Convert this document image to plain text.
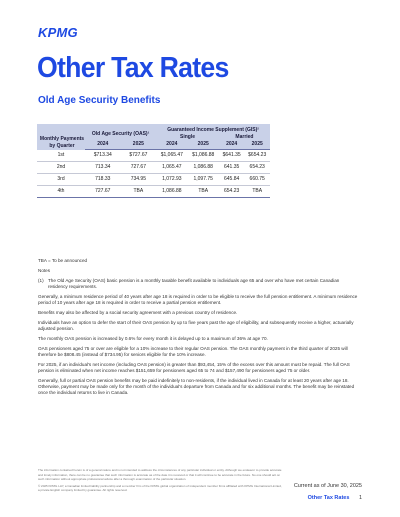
KPMG
Other Tax Rates
Old Age Security Benefits
Monthly Payments by Quarter	Old Age Security (OAS)¹		Guaranteed Income Supplement (GIS)²			
			Single		Married	
	2024	2025	2024	2025	2024	2025
1st	$713.34	$727.67	$1,065.47	$1,086.88	$641.35	$654.23
2nd	713.34	727.67	1,065.47	1,086.88	641.35	654.23
3rd	718.33	734.95	1,072.93	1,097.75	645.84	660.75
4th	727.67	TBA	1,086.88	TBA	654.23	TBA

TBA = To be announced

Notes

(1) The Old Age Security (OAS) basic pension is a monthly taxable benefit available to individuals age 65 and over who have met certain Canadian residency requirements.

Generally, a minimum residence period of 40 years after age 18 is required in order to be eligible to receive the full pension entitlement. A minimum residence period of 10 years after age 18 is required in order to receive a partial pension entitlement.

Benefits may also be affected by a social security agreement with a previous country of residence.

Individuals have an option to defer the start of their OAS pension by up to five years past the age of eligibility, and subsequently receive a higher, actuarially adjusted pension.

The monthly OAS pension is increased by 0.6% for every month it is delayed up to a maximum of 36% at age 70.

OAS pensioners aged 75 or over are eligible for a 10% increase to their regular OAS pension. The OAS monthly payment in the third quarter of 2025 will therefore be $808.45 (instead of $734.95) for seniors eligible for the 10% increase.

For 2025, if an individual's net income (including OAS pension) is greater than $93,454, 15% of the excess over this amount must be repaid. The full OAS pension is eliminated when net income reaches $151,659 for pensioners aged 65 to 74 and $157,490 for pensioners aged 75 or older.

Generally, full or partial OAS pension benefits may be paid indefinitely to non-residents, if the individual lived in Canada for at least 20 years after age 18. Otherwise, payment may be made only for the month of the individual's departure from Canada and for six additional months. The benefit may be reinstated once the individual returns to live in Canada.

The information contained herein is of a general nature and is not intended to address the circumstances of any particular individual or entity. Although we endeavor to provide accurate and timely information, there can be no guarantee that such information is accurate as of the date it is received or that it will continue to be accurate in the future. No one should act on such information without appropriate professional advice after a thorough examination of the particular situation.

© 2025 KPMG LLP, a Canadian limited liability partnership and a member firm of the KPMG global organization of independent member firms affiliated with KPMG International Limited, a private English company limited by guarantee. All rights reserved.

Current as of June 30, 2025
Other Tax Rates 1
